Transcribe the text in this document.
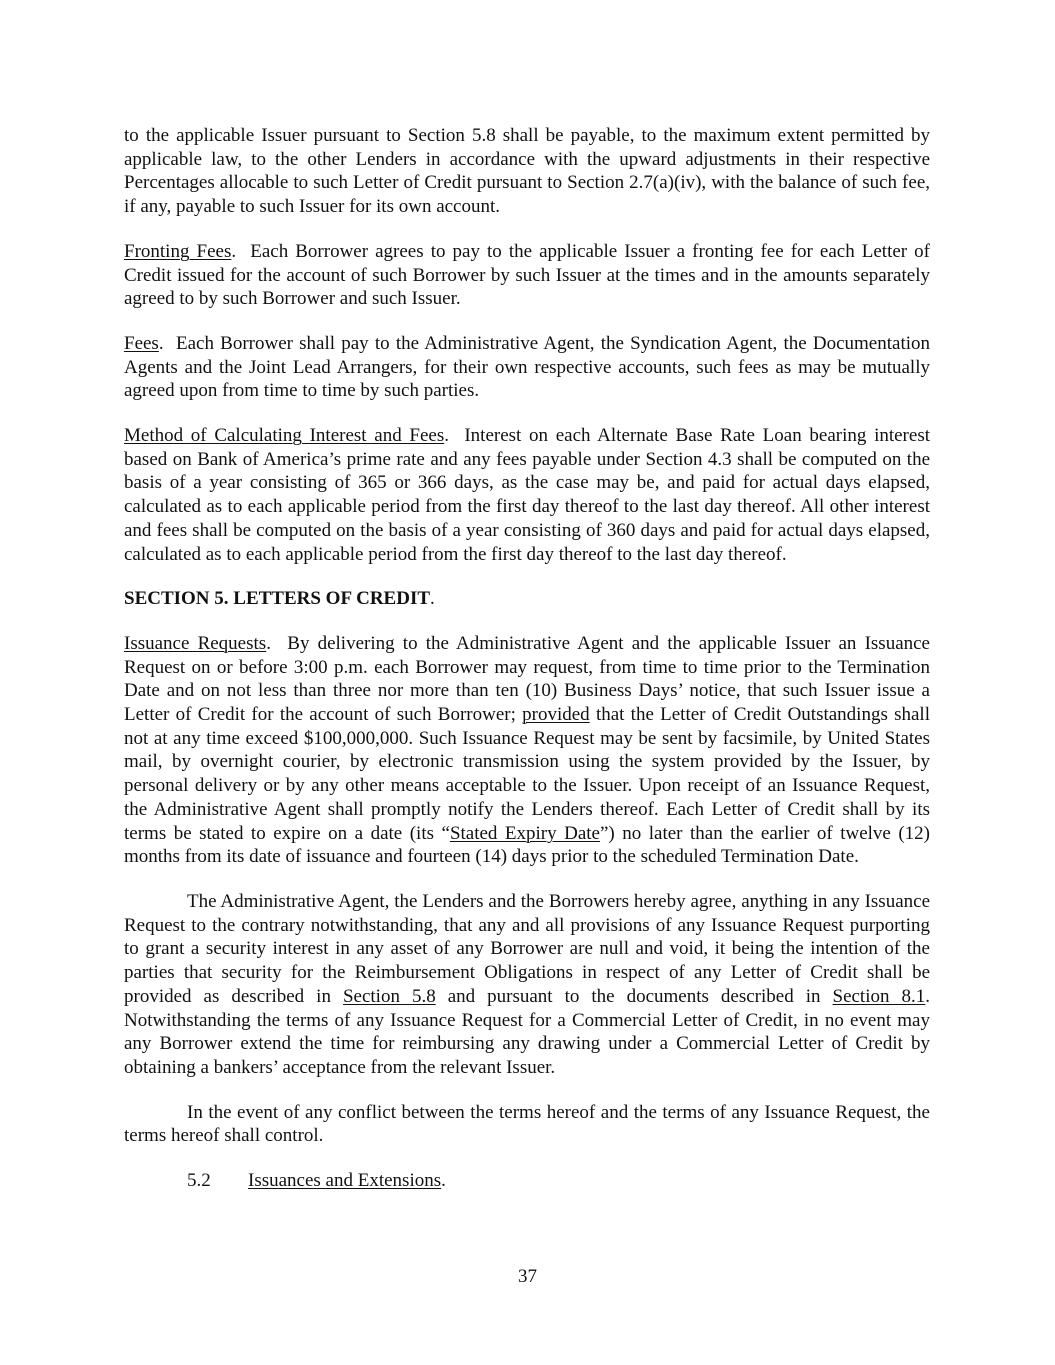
to the applicable Issuer pursuant to Section 5.8 shall be payable, to the maximum extent permitted by applicable law, to the other Lenders in accordance with the upward adjustments in their respective Percentages allocable to such Letter of Credit pursuant to Section 2.7(a)(iv), with the balance of such fee, if any, payable to such Issuer for its own account.

Fronting Fees.  Each Borrower agrees to pay to the applicable Issuer a fronting fee for each Letter of Credit issued for the account of such Borrower by such Issuer at the times and in the amounts separately agreed to by such Borrower and such Issuer.

Fees.  Each Borrower shall pay to the Administrative Agent, the Syndication Agent, the Documentation Agents and the Joint Lead Arrangers, for their own respective accounts, such fees as may be mutually agreed upon from time to time by such parties.

Method of Calculating Interest and Fees.  Interest on each Alternate Base Rate Loan bearing interest based on Bank of America’s prime rate and any fees payable under Section 4.3 shall be computed on the basis of a year consisting of 365 or 366 days, as the case may be, and paid for actual days elapsed, calculated as to each applicable period from the first day thereof to the last day thereof. All other interest and fees shall be computed on the basis of a year consisting of 360 days and paid for actual days elapsed, calculated as to each applicable period from the first day thereof to the last day thereof.

SECTION 5. LETTERS OF CREDIT.

Issuance Requests.  By delivering to the Administrative Agent and the applicable Issuer an Issuance Request on or before 3:00 p.m. each Borrower may request, from time to time prior to the Termination Date and on not less than three nor more than ten (10) Business Days’ notice, that such Issuer issue a Letter of Credit for the account of such Borrower; provided that the Letter of Credit Outstandings shall not at any time exceed $100,000,000. Such Issuance Request may be sent by facsimile, by United States mail, by overnight courier, by electronic transmission using the system provided by the Issuer, by personal delivery or by any other means acceptable to the Issuer. Upon receipt of an Issuance Request, the Administrative Agent shall promptly notify the Lenders thereof. Each Letter of Credit shall by its terms be stated to expire on a date (its “Stated Expiry Date”) no later than the earlier of twelve (12) months from its date of issuance and fourteen (14) days prior to the scheduled Termination Date.

The Administrative Agent, the Lenders and the Borrowers hereby agree, anything in any Issuance Request to the contrary notwithstanding, that any and all provisions of any Issuance Request purporting to grant a security interest in any asset of any Borrower are null and void, it being the intention of the parties that security for the Reimbursement Obligations in respect of any Letter of Credit shall be provided as described in Section 5.8 and pursuant to the documents described in Section 8.1. Notwithstanding the terms of any Issuance Request for a Commercial Letter of Credit, in no event may any Borrower extend the time for reimbursing any drawing under a Commercial Letter of Credit by obtaining a bankers’ acceptance from the relevant Issuer.

In the event of any conflict between the terms hereof and the terms of any Issuance Request, the terms hereof shall control.

5.2 Issuances and Extensions.

37
